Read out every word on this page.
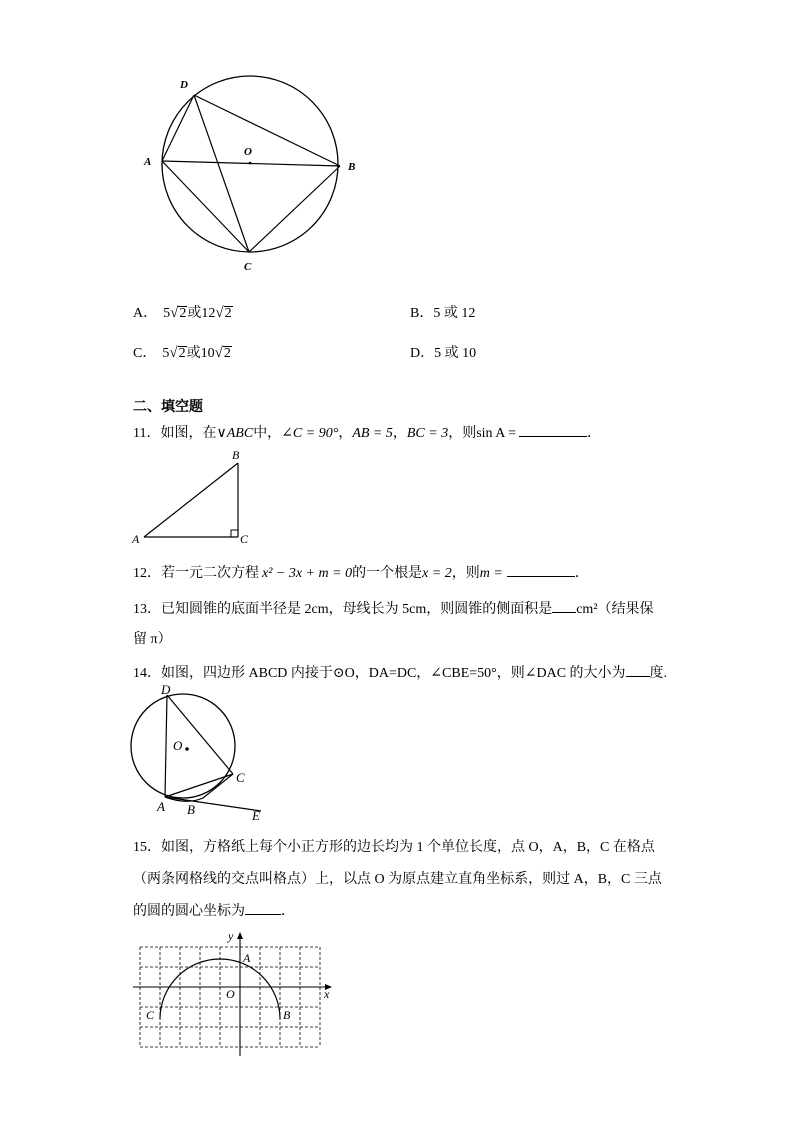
D
O
A	B
C
A． 5√2或12√2	B．5 或 12
C． 5√2或10√2	D．5 或 10
二、填空题
11．如图，在∨ABC中，∠C = 90°，AB = 5，BC = 3，则sin A =	．
B
A	C
12．若一元二次方程 x² − 3x + m = 0的一个根是x = 2，则m =	．
13．已知圆锥的底面半径是 2cm，母线长为 5cm，则圆锥的侧面积是 cm²（结果保
留 π）
14．如图，四边形 ABCD 内接于⊙O，DA=DC，∠CBE=50°，则∠DAC 的大小为 度.
D
O
C
A B	E
15．如图，方格纸上每个小正方形的边长均为 1 个单位长度，点 O，A，B，C 在格点
（两条网格线的交点叫格点）上，以点 O 为原点建立直角坐标系，则过 A，B，C 三点
的圆的圆心坐标为	．
y
x
O
A
B
C
